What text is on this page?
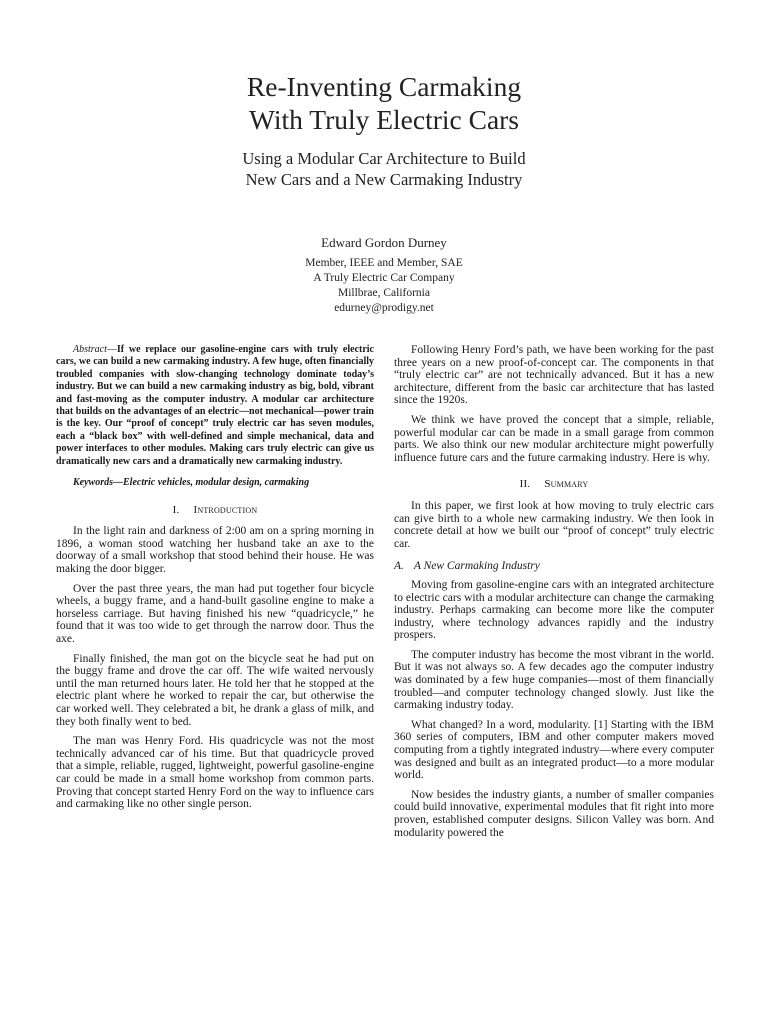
Re-Inventing Carmaking
With Truly Electric Cars
Using a Modular Car Architecture to Build
New Cars and a New Carmaking Industry
Edward Gordon Durney
Member, IEEE and Member, SAE
A Truly Electric Car Company
Millbrae, California
edurney@prodigy.net

Abstract—If we replace our gasoline-engine cars with truly electric cars, we can build a new carmaking industry. A few huge, often financially troubled companies with slow-changing technology dominate today’s industry. But we can build a new carmaking industry as big, bold, vibrant and fast-moving as the computer industry. A modular car architecture that builds on the advantages of an electric—not mechanical—power train is the key. Our “proof of concept” truly electric car has seven modules, each a “black box” with well-defined and simple mechanical, data and power interfaces to other modules. Making cars truly electric can give us dramatically new cars and a dramatically new carmaking industry.

Keywords—Electric vehicles, modular design, carmaking

I. Introduction

In the light rain and darkness of 2:00 am on a spring morning in 1896, a woman stood watching her husband take an axe to the doorway of a small workshop that stood behind their house. He was making the door bigger.

Over the past three years, the man had put together four bicycle wheels, a buggy frame, and a hand-built gasoline engine to make a horseless carriage. But having finished his new “quadricycle,” he found that it was too wide to get through the narrow door. Thus the axe.

Finally finished, the man got on the bicycle seat he had put on the buggy frame and drove the car off. The wife waited nervously until the man returned hours later. He told her that he stopped at the electric plant where he worked to repair the car, but otherwise the car worked well. They celebrated a bit, he drank a glass of milk, and they both finally went to bed.

The man was Henry Ford. His quadricycle was not the most technically advanced car of his time. But that quadricycle proved that a simple, reliable, rugged, lightweight, powerful gasoline-engine car could be made in a small home workshop from common parts. Proving that concept started Henry Ford on the way to influence cars and carmaking like no other single person.

Following Henry Ford’s path, we have been working for the past three years on a new proof-of-concept car. The components in that “truly electric car” are not technically advanced. But it has a new architecture, different from the basic car architecture that has lasted since the 1920s.

We think we have proved the concept that a simple, reliable, powerful modular car can be made in a small garage from common parts. We also think our new modular architecture might powerfully influence future cars and the future carmaking industry. Here is why.

II. Summary

In this paper, we first look at how moving to truly electric cars can give birth to a whole new carmaking industry. We then look in concrete detail at how we built our “proof of concept” truly electric car.

A. A New Carmaking Industry

Moving from gasoline-engine cars with an integrated architecture to electric cars with a modular architecture can change the carmaking industry. Perhaps carmaking can become more like the computer industry, where technology advances rapidly and the industry prospers.

The computer industry has become the most vibrant in the world. But it was not always so. A few decades ago the computer industry was dominated by a few huge companies—most of them financially troubled—and computer technology changed slowly. Just like the carmaking industry today.

What changed? In a word, modularity. [1] Starting with the IBM 360 series of computers, IBM and other computer makers moved computing from a tightly integrated industry—where every computer was designed and built as an integrated product—to a more modular world.

Now besides the industry giants, a number of smaller companies could build innovative, experimental modules that fit right into more proven, established computer designs. Silicon Valley was born. And modularity powered the
